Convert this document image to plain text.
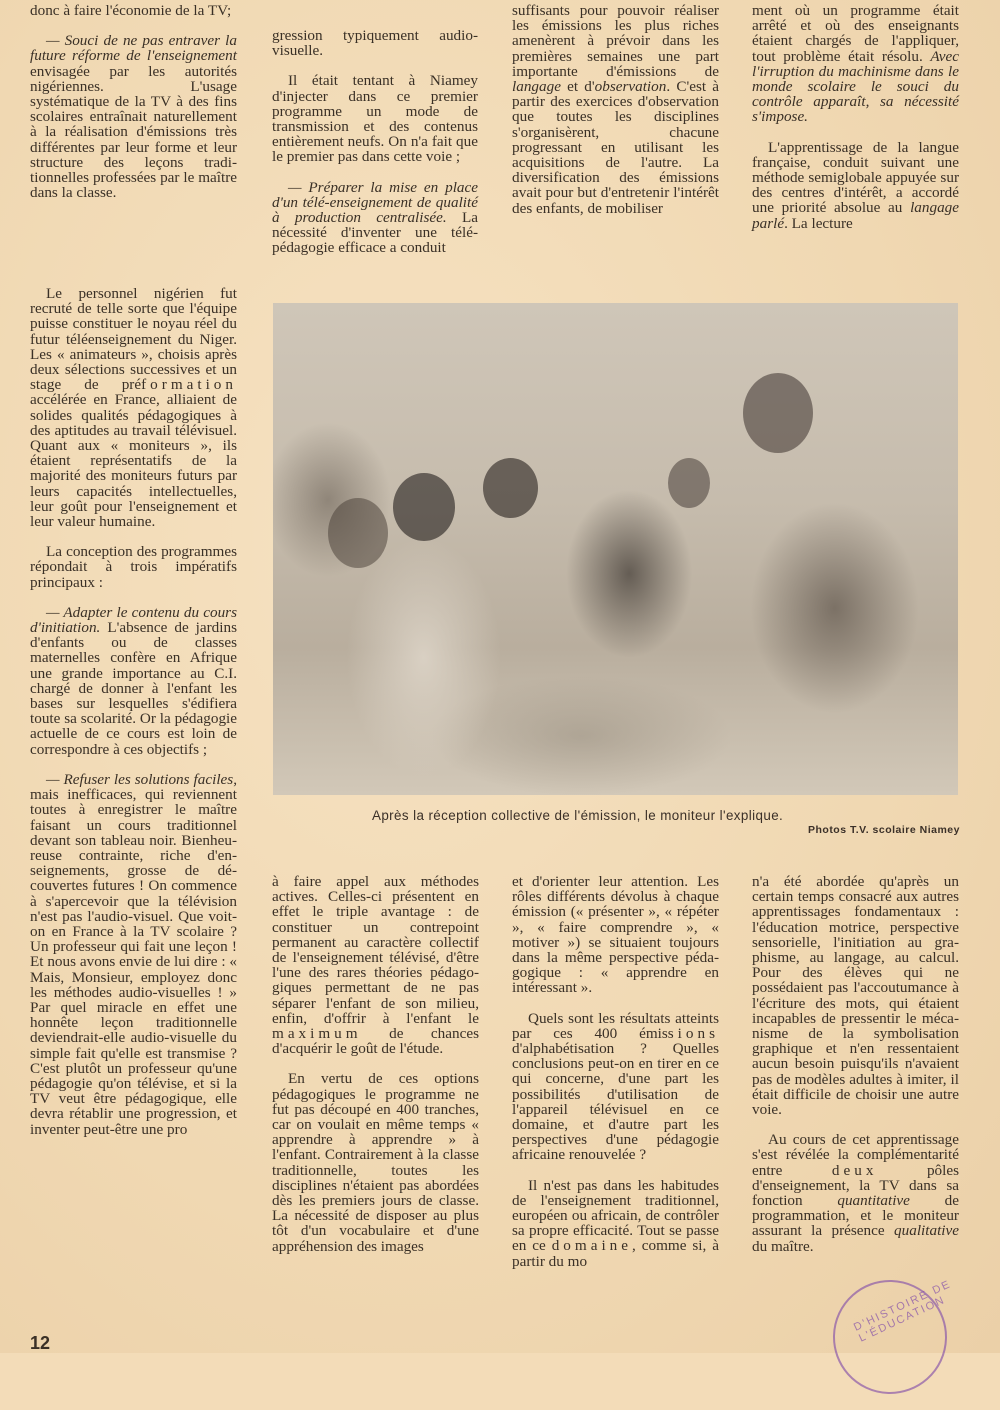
donc à faire l'économie de la TV;

— Souci de ne pas entraver la future réforme de l'enseignement envisagée par les autorités nigériennes. L'usage systématique de la TV à des fins scolaires entraînait naturellement à la réalisation d'émissions très différentes par leur forme et leur structure des leçons traditionnelles professées par le maître dans la classe.

Le personnel nigérien fut recruté de telle sorte que l'équipe puisse constituer le noyau réel du futur téléenseignement du Niger. Les « animateurs », choisis après deux sélections successives et un stage de préformation accélérée en France, alliaient de solides qualités pédagogiques à des aptitudes au travail télévisuel. Quant aux « moniteurs », ils étaient représentatifs de la majorité des moniteurs futurs par leurs capacités intellectuelles, leur goût pour l'enseignement et leur valeur humaine.

La conception des programmes répondait à trois impératifs principaux :

— Adapter le contenu du cours d'initiation. L'absence de jardins d'enfants ou de classes maternelles confère en Afrique une grande importance au C.I. chargé de donner à l'enfant les bases sur lesquelles s'édifiera toute sa scolarité. Or la pédagogie actuelle de ce cours est loin de correspondre à ces objectifs ;

— Refuser les solutions faciles, mais inefficaces, qui reviennent toutes à enregistrer le maître faisant un cours traditionnel devant son tableau noir. Bienheureuse contrainte, riche d'enseignements, grosse de découvertes futures ! On commence à s'apercevoir que la télévision n'est pas l'audio-visuel. Que voit-on en France à la TV scolaire ? Un professeur qui fait une leçon ! Et nous avons envie de lui dire : « Mais, Monsieur, employez donc les méthodes audio-visuelles ! » Par quel miracle en effet une honnête leçon traditionnelle deviendrait-elle audio-visuelle du simple fait qu'elle est transmise ? C'est plutôt un professeur qu'une pédagogie qu'on télévise, et si la TV veut être pédagogique, elle devra rétablir une progression, et inventer peut-être une pro

gression typiquement audio-visuelle.

Il était tentant à Niamey d'injecter dans ce premier programme un mode de transmission et des contenus entièrement neufs. On n'a fait que le premier pas dans cette voie ;

— Préparer la mise en place d'un télé-enseignement de qualité à production centralisée. La nécessité d'inventer une télépédagogie efficace a conduit

suffisants pour pouvoir réaliser les émissions les plus riches amenèrent à prévoir dans les premières semaines une part importante d'émissions de langage et d'observation. C'est à partir des exercices d'observation que toutes les disciplines s'organisèrent, chacune progressant en utilisant les acquisitions de l'autre. La diversification des émissions avait pour but d'entretenir l'intérêt des enfants, de mobiliser

ment où un programme était arrêté et où des enseignants étaient chargés de l'appliquer, tout problème était résolu. Avec l'irruption du machinisme dans le monde scolaire le souci du contrôle apparaît, sa nécessité s'impose.

L'apprentissage de la langue française, conduit suivant une méthode semiglobale appuyée sur des centres d'intérêt, a accordé une priorité absolue au langage parlé. La lecture

Après la réception collective de l'émission, le moniteur l'explique.
Photos T.V. scolaire Niamey

à faire appel aux méthodes actives. Celles-ci présentent en effet le triple avantage : de constituer un contrepoint permanent au caractère collectif de l'enseignement télévisé, d'être l'une des rares théories pédagogiques permettant de ne pas séparer l'enfant de son milieu, enfin, d'offrir à l'enfant le maximum de chances d'acquérir le goût de l'étude.

En vertu de ces options pédagogiques le programme ne fut pas découpé en 400 tranches, car on voulait en même temps « apprendre à apprendre » à l'enfant. Contrairement à la classe traditionnelle, toutes les disciplines n'étaient pas abordées dès les premiers jours de classe. La nécessité de disposer au plus tôt d'un vocabulaire et d'une appréhension des images

et d'orienter leur attention. Les rôles différents dévolus à chaque émission (« présenter », « répéter », « faire comprendre », « motiver ») se situaient toujours dans la même perspective pédagogique : « apprendre en intéressant ».

Quels sont les résultats atteints par ces 400 émissions d'alphabétisation ? Quelles conclusions peut-on en tirer en ce qui concerne, d'une part les possibilités d'utilisation de l'appareil télévisuel en ce domaine, et d'autre part les perspectives d'une pédagogie africaine renouvelée ?

Il n'est pas dans les habitudes de l'enseignement traditionnel, européen ou africain, de contrôler sa propre efficacité. Tout se passe en ce domaine, comme si, à partir du mo

n'a été abordée qu'après un certain temps consacré aux autres apprentissages fondamentaux : l'éducation motrice, perspective sensorielle, l'initiation au graphisme, au langage, au calcul. Pour des élèves qui ne possédaient pas l'accoutumance à l'écriture des mots, qui étaient incapables de pressentir le mécanisme de la symbolisation graphique et n'en ressentaient aucun besoin puisqu'ils n'avaient pas de modèles adultes à imiter, il était difficile de choisir une autre voie.

Au cours de cet apprentissage s'est révélée la complémentarité entre deux pôles d'enseignement, la TV dans sa fonction quantitative de programmation, et le moniteur assurant la présence qualitative du maître.

D'HISTOIRE DE L'ÉDUCATION
12
